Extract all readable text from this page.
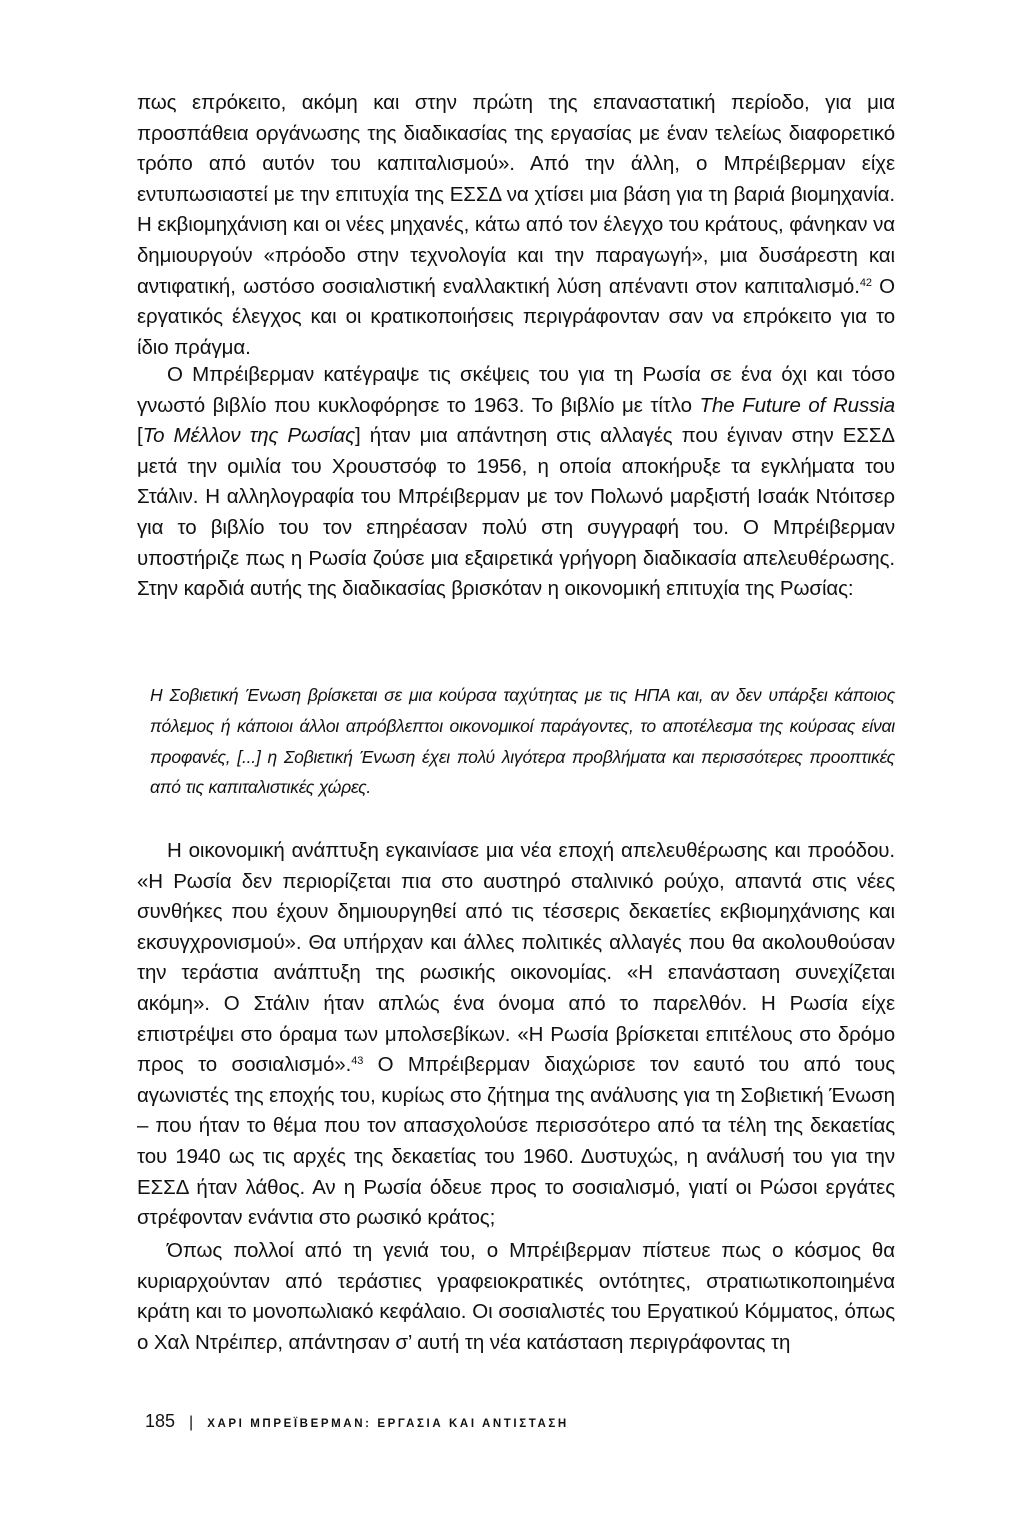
πως επρόκειτο, ακόμη και στην πρώτη της επαναστατική περίοδο, για μια προσπάθεια οργάνωσης της διαδικασίας της εργασίας με έναν τελείως διαφορετικό τρόπο από αυτόν του καπιταλισμού». Από την άλλη, ο Μπρέιβερμαν είχε εντυπωσιαστεί με την επιτυχία της ΕΣΣΔ να χτίσει μια βάση για τη βαριά βιομηχανία. Η εκβιομηχάνιση και οι νέες μηχανές, κάτω από τον έλεγχο του κράτους, φάνηκαν να δημιουργούν «πρόοδο στην τεχνολογία και την παραγωγή», μια δυσάρεστη και αντιφατική, ωστόσο σοσιαλιστική εναλλακτική λύση απέναντι στον καπιταλισμό.$^{42}$ Ο εργατικός έλεγχος και οι κρατικοποιήσεις περιγράφονταν σαν να επρόκειτο για το ίδιο πράγμα.

Ο Μπρέιβερμαν κατέγραψε τις σκέψεις του για τη Ρωσία σε ένα όχι και τόσο γνωστό βιβλίο που κυκλοφόρησε το 1963. Το βιβλίο με τίτλο The Future of Russia [Το Μέλλον της Ρωσίας] ήταν μια απάντηση στις αλλαγές που έγιναν στην ΕΣΣΔ μετά την ομιλία του Χρουστσόφ το 1956, η οποία αποκήρυξε τα εγκλήματα του Στάλιν. Η αλληλογραφία του Μπρέιβερμαν με τον Πολωνό μαρξιστή Ισαάκ Ντόιτσερ για το βιβλίο του τον επηρέασαν πολύ στη συγγραφή του. Ο Μπρέιβερμαν υποστήριζε πως η Ρωσία ζούσε μια εξαιρετικά γρήγορη διαδικασία απελευθέρωσης. Στην καρδιά αυτής της διαδικασίας βρισκόταν η οικονομική επιτυχία της Ρωσίας:

Η Σοβιετική Ένωση βρίσκεται σε μια κούρσα ταχύτητας με τις ΗΠΑ και, αν δεν υπάρξει κάποιος πόλεμος ή κάποιοι άλλοι απρόβλεπτοι οικονομικοί παράγοντες, το αποτέλεσμα της κούρσας είναι προφανές, [...] η Σοβιετική Ένωση έχει πολύ λιγότερα προβλήματα και περισσότερες προοπτικές από τις καπιταλιστικές χώρες.

Η οικονομική ανάπτυξη εγκαινίασε μια νέα εποχή απελευθέρωσης και προόδου. «Η Ρωσία δεν περιορίζεται πια στο αυστηρό σταλινικό ρούχο, απαντά στις νέες συνθήκες που έχουν δημιουργηθεί από τις τέσσερις δεκαετίες εκβιομηχάνισης και εκσυγχρονισμού». Θα υπήρχαν και άλλες πολιτικές αλλαγές που θα ακολουθούσαν την τεράστια ανάπτυξη της ρωσικής οικονομίας. «Η επανάσταση συνεχίζεται ακόμη». Ο Στάλιν ήταν απλώς ένα όνομα από το παρελθόν. Η Ρωσία είχε επιστρέψει στο όραμα των μπολσεβίκων. «Η Ρωσία βρίσκεται επιτέλους στο δρόμο προς το σοσιαλισμό».$^{43}$ Ο Μπρέιβερμαν διαχώρισε τον εαυτό του από τους αγωνιστές της εποχής του, κυρίως στο ζήτημα της ανάλυσης για τη Σοβιετική Ένωση – που ήταν το θέμα που τον απασχολούσε περισσότερο από τα τέλη της δεκαετίας του 1940 ως τις αρχές της δεκαετίας του 1960. Δυστυχώς, η ανάλυσή του για την ΕΣΣΔ ήταν λάθος. Αν η Ρωσία όδευε προς το σοσιαλισμό, γιατί οι Ρώσοι εργάτες στρέφονταν ενάντια στο ρωσικό κράτος;

Όπως πολλοί από τη γενιά του, ο Μπρέιβερμαν πίστευε πως ο κόσμος θα κυριαρχούνταν από τεράστιες γραφειοκρατικές οντότητες, στρατιωτικοποιημένα κράτη και το μονοπωλιακό κεφάλαιο. Οι σοσιαλιστές του Εργατικού Κόμματος, όπως ο Χαλ Ντρέιπερ, απάντησαν σ’ αυτή τη νέα κατάσταση περιγράφοντας τη

185 | ΧΑΡΙ ΜΠΡΕΪΒΕΡΜΑΝ: ΕΡΓΑΣΙΑ ΚΑΙ ΑΝΤΙΣΤΑΣΗ
